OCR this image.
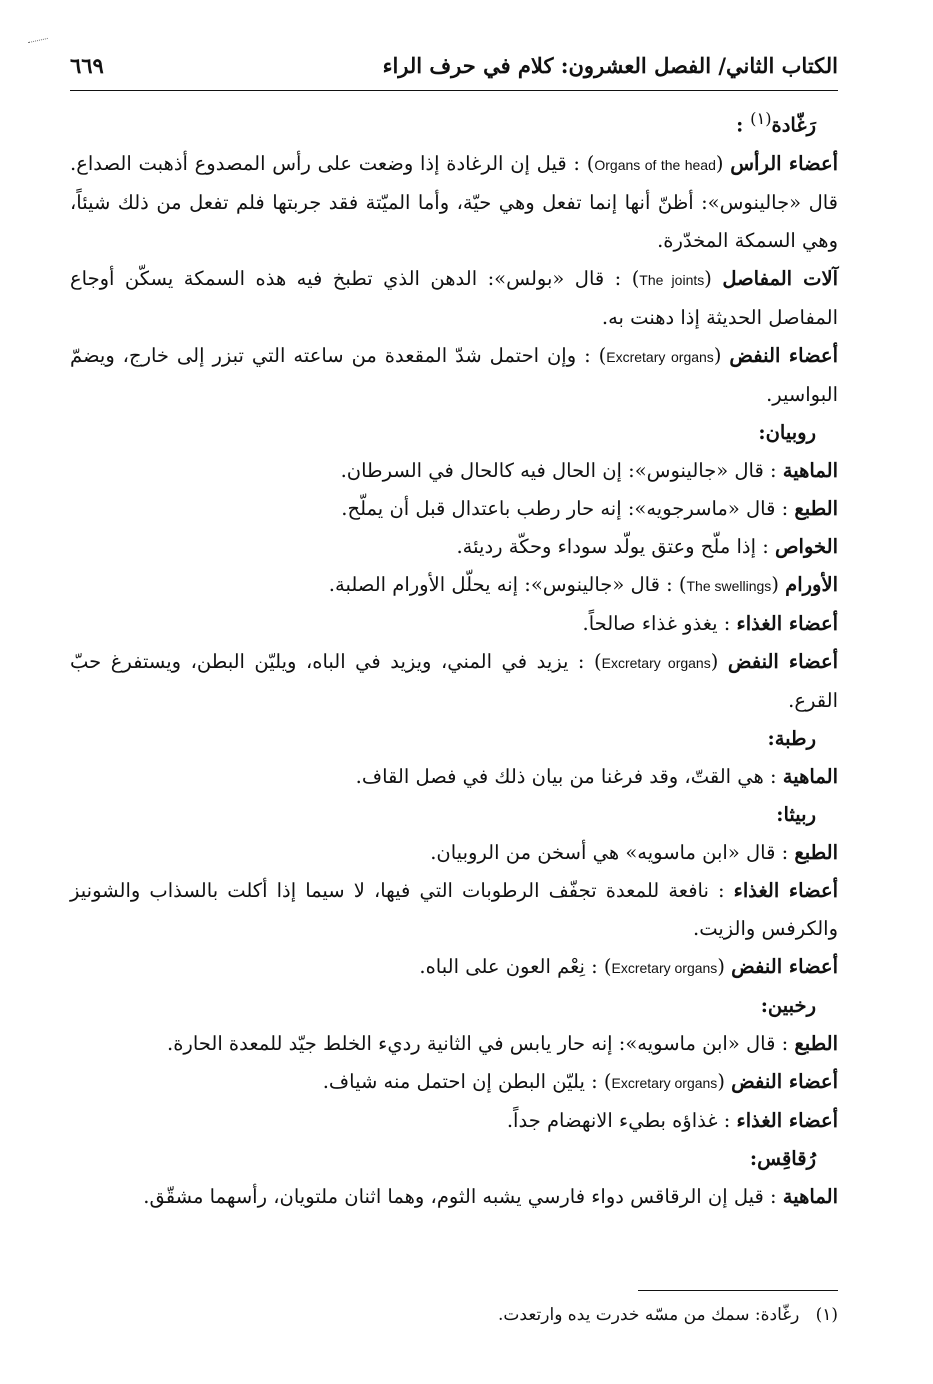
الكتاب الثاني/ الفصل العشرون: كلام في حرف الراء
٦٦٩

رَغّادة$^{(١)}$ :

أعضاء الرأس (Organs of the head) : قيل إن الرغادة إذا وضعت على رأس المصدوع أذهبت الصداع. قال «جالينوس»: أظنّ أنها إنما تفعل وهي حيّة، وأما الميّتة فقد جربتها فلم تفعل من ذلك شيئاً، وهي السمكة المخدّرة.

آلات المفاصل (The joints) : قال «بولس»: الدهن الذي تطبخ فيه هذه السمكة يسكّن أوجاع المفاصل الحديثة إذا دهنت به.

أعضاء النفض (Excretary organs) : وإن احتمل شدّ المقعدة من ساعته التي تبزر إلى خارج، ويضمّ البواسير.

روبيان:

الماهية : قال «جالينوس»: إن الحال فيه كالحال في السرطان.

الطبع : قال «ماسرجويه»: إنه حار رطب باعتدال قبل أن يملّح.

الخواص : إذا ملّح وعتق يولّد سوداء وحكّة رديئة.

الأورام (The swellings) : قال «جالينوس»: إنه يحلّل الأورام الصلبة.

أعضاء الغذاء : يغذو غذاء صالحاً.

أعضاء النفض (Excretary organs) : يزيد في المني، ويزيد في الباه، ويليّن البطن، ويستفرغ حبّ القرع.

رطبة:

الماهية : هي القتّ، وقد فرغنا من بيان ذلك في فصل القاف.

ربيثا:

الطبع : قال «ابن ماسويه» هي أسخن من الروبيان.

أعضاء الغذاء : نافعة للمعدة تجفّف الرطوبات التي فيها، لا سيما إذا أكلت بالسذاب والشونيز والكرفس والزيت.

أعضاء النفض (Excretary organs) : نِعْم العون على الباه.

رخبين:

الطبع : قال «ابن ماسويه»: إنه حار يابس في الثانية رديء الخلط جيّد للمعدة الحارة.

أعضاء النفض (Excretary organs) : يليّن البطن إن احتمل منه شياف.

أعضاء الغذاء : غذاؤه بطيء الانهضام جداً.

رُقاقِس:

الماهية : قيل إن الرقاقس دواء فارسي يشبه الثوم، وهما اثنان ملتويان، رأسهما مشقّق.

(١)   رغّادة: سمك من مسّه خدرت يده وارتعدت.
